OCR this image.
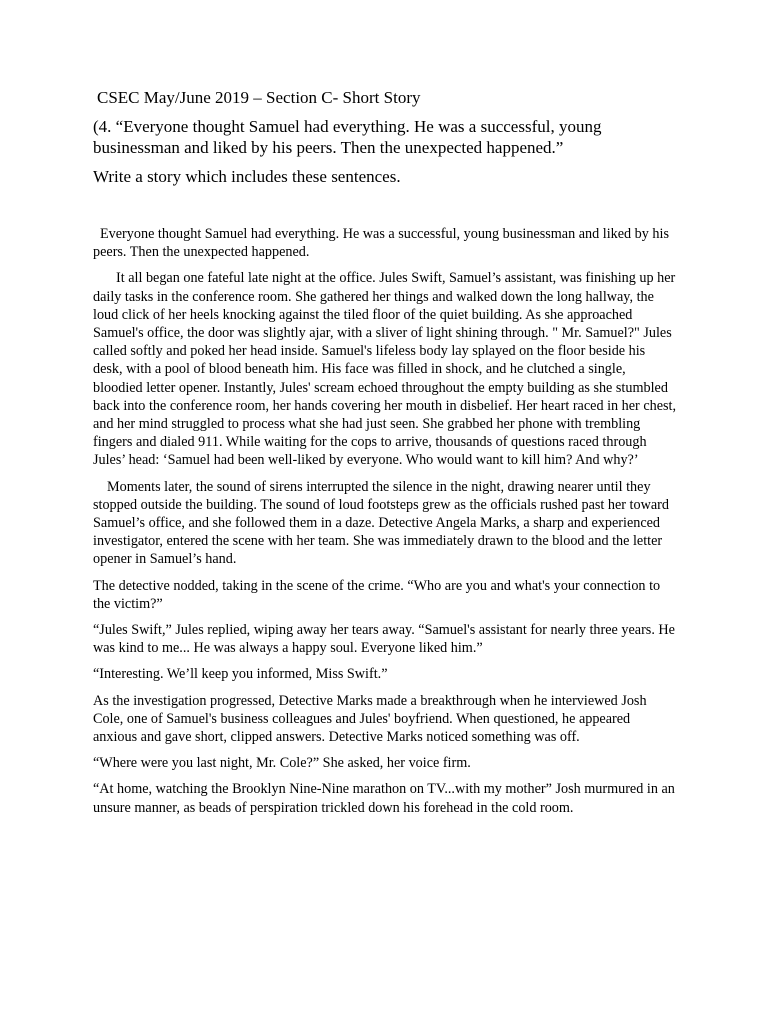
CSEC May/June 2019 – Section C- Short Story
(4. “Everyone thought Samuel had everything. He was a successful, young businessman and liked by his peers. Then the unexpected happened.”
Write a story which includes these sentences.

Everyone thought Samuel had everything. He was a successful, young businessman and liked by his peers. Then the unexpected happened.

It all began one fateful late night at the office. Jules Swift, Samuel’s assistant, was finishing up her daily tasks in the conference room. She gathered her things and walked down the long hallway, the loud click of her heels knocking against the tiled floor of the quiet building. As she approached Samuel's office, the door was slightly ajar, with a sliver of light shining through. " Mr. Samuel?" Jules called softly and poked her head inside. Samuel's lifeless body lay splayed on the floor beside his desk, with a pool of blood beneath him. His face was filled in shock, and he clutched a single, bloodied letter opener. Instantly, Jules' scream echoed throughout the empty building as she stumbled back into the conference room, her hands covering her mouth in disbelief. Her heart raced in her chest, and her mind struggled to process what she had just seen. She grabbed her phone with trembling fingers and dialed 911. While waiting for the cops to arrive, thousands of questions raced through Jules’ head: ‘Samuel had been well-liked by everyone. Who would want to kill him? And why?’

Moments later, the sound of sirens interrupted the silence in the night, drawing nearer until they stopped outside the building. The sound of loud footsteps grew as the officials rushed past her toward Samuel’s office, and she followed them in a daze. Detective Angela Marks, a sharp and experienced investigator, entered the scene with her team. She was immediately drawn to the blood and the letter opener in Samuel’s hand.

The detective nodded, taking in the scene of the crime. “Who are you and what's your connection to the victim?”

“Jules Swift,” Jules replied, wiping away her tears away. “Samuel's assistant for nearly three years. He was kind to me... He was always a happy soul. Everyone liked him.”

“Interesting. We’ll keep you informed, Miss Swift.”

As the investigation progressed, Detective Marks made a breakthrough when he interviewed Josh Cole, one of Samuel's business colleagues and Jules' boyfriend. When questioned, he appeared anxious and gave short, clipped answers. Detective Marks noticed something was off.

“Where were you last night, Mr. Cole?” She asked, her voice firm.

“At home, watching the Brooklyn Nine-Nine marathon on TV...with my mother” Josh murmured in an unsure manner, as beads of perspiration trickled down his forehead in the cold room.
